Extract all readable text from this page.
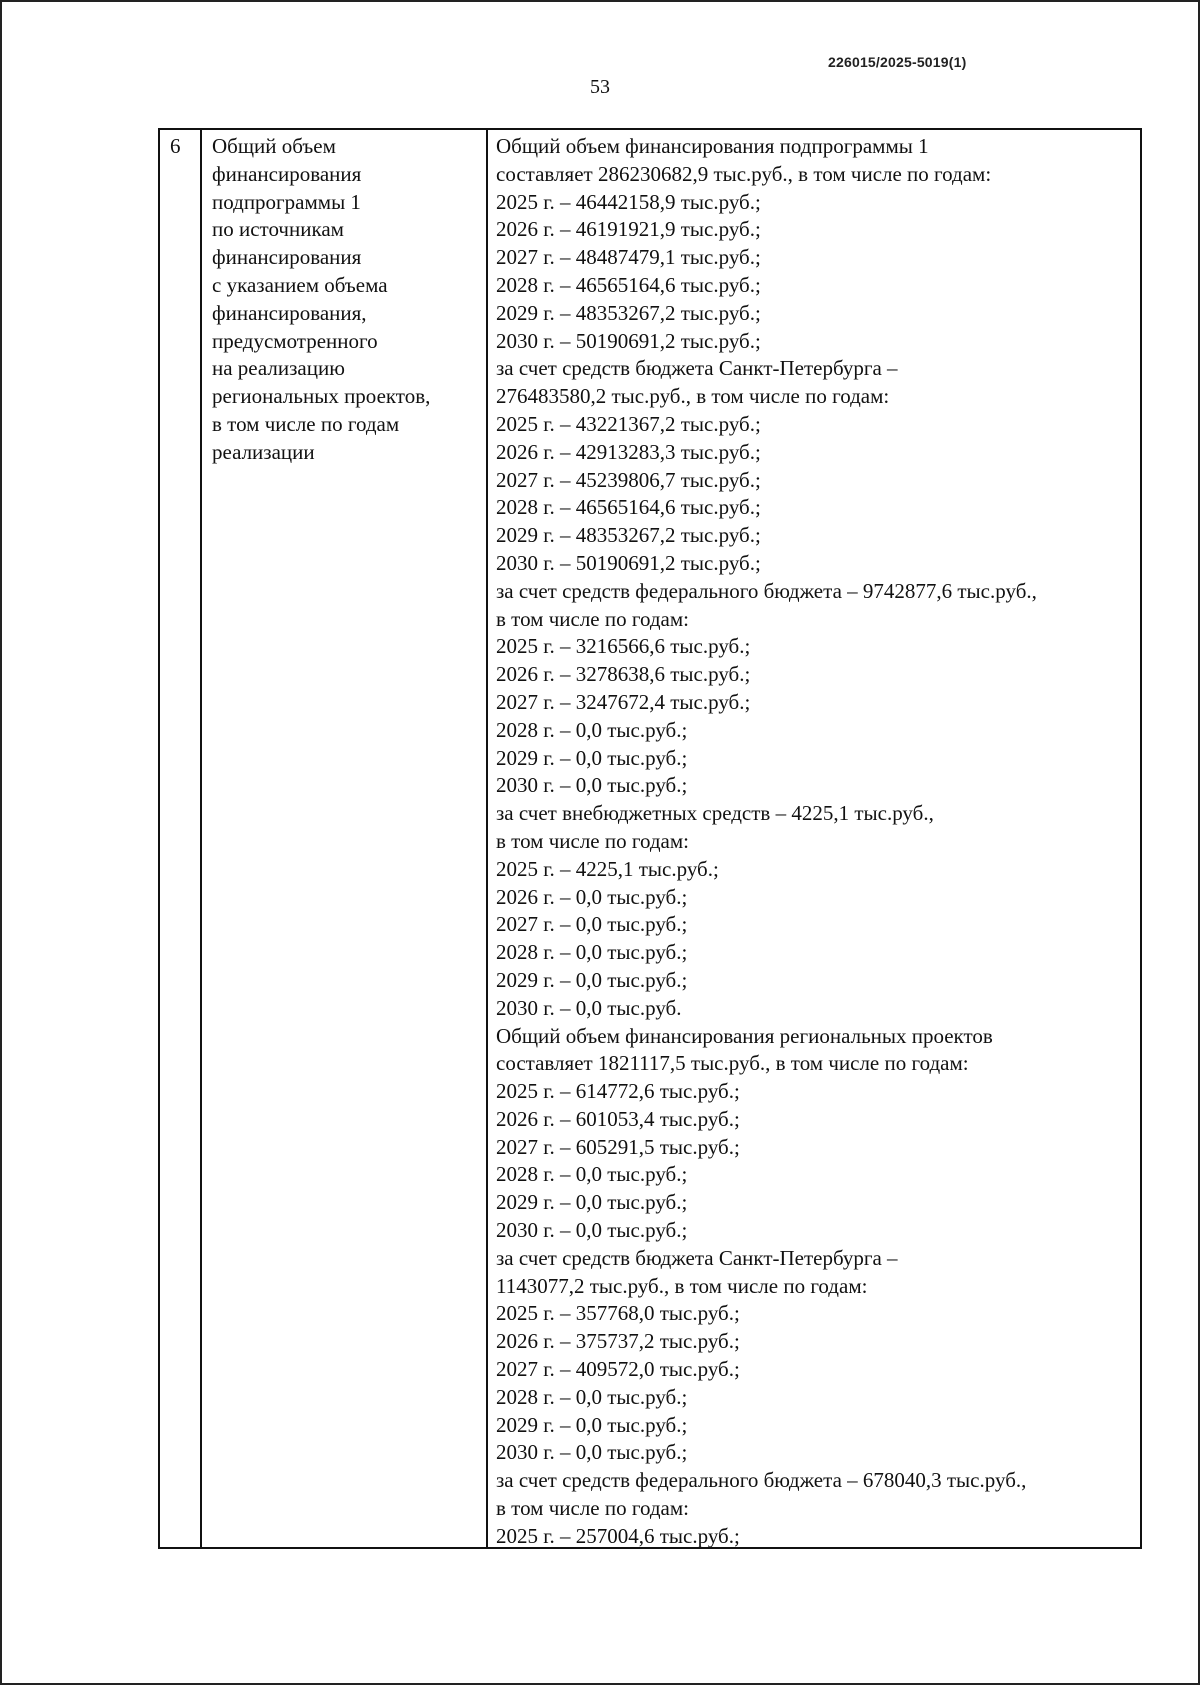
226015/2025-5019(1)
53
6	Общий объем
финансирования
подпрограммы 1
по источникам
финансирования
с указанием объема
финансирования,
предусмотренного
на реализацию
региональных проектов,
в том числе по годам
реализации
Общий объем финансирования подпрограммы 1
составляет 286230682,9 тыс.руб., в том числе по годам:
2025 г. – 46442158,9 тыс.руб.;
2026 г. – 46191921,9 тыс.руб.;
2027 г. – 48487479,1 тыс.руб.;
2028 г. – 46565164,6 тыс.руб.;
2029 г. – 48353267,2 тыс.руб.;
2030 г. – 50190691,2 тыс.руб.;
за счет средств бюджета Санкт-Петербурга –
276483580,2 тыс.руб., в том числе по годам:
2025 г. – 43221367,2 тыс.руб.;
2026 г. – 42913283,3 тыс.руб.;
2027 г. – 45239806,7 тыс.руб.;
2028 г. – 46565164,6 тыс.руб.;
2029 г. – 48353267,2 тыс.руб.;
2030 г. – 50190691,2 тыс.руб.;
за счет средств федерального бюджета – 9742877,6 тыс.руб.,
в том числе по годам:
2025 г. – 3216566,6 тыс.руб.;
2026 г. – 3278638,6 тыс.руб.;
2027 г. – 3247672,4 тыс.руб.;
2028 г. – 0,0 тыс.руб.;
2029 г. – 0,0 тыс.руб.;
2030 г. – 0,0 тыс.руб.;
за счет внебюджетных средств – 4225,1 тыс.руб.,
в том числе по годам:
2025 г. – 4225,1 тыс.руб.;
2026 г. – 0,0 тыс.руб.;
2027 г. – 0,0 тыс.руб.;
2028 г. – 0,0 тыс.руб.;
2029 г. – 0,0 тыс.руб.;
2030 г. – 0,0 тыс.руб.
Общий объем финансирования региональных проектов
составляет 1821117,5 тыс.руб., в том числе по годам:
2025 г. – 614772,6 тыс.руб.;
2026 г. – 601053,4 тыс.руб.;
2027 г. – 605291,5 тыс.руб.;
2028 г. – 0,0 тыс.руб.;
2029 г. – 0,0 тыс.руб.;
2030 г. – 0,0 тыс.руб.;
за счет средств бюджета Санкт-Петербурга –
1143077,2 тыс.руб., в том числе по годам:
2025 г. – 357768,0 тыс.руб.;
2026 г. – 375737,2 тыс.руб.;
2027 г. – 409572,0 тыс.руб.;
2028 г. – 0,0 тыс.руб.;
2029 г. – 0,0 тыс.руб.;
2030 г. – 0,0 тыс.руб.;
за счет средств федерального бюджета – 678040,3 тыс.руб.,
в том числе по годам:
2025 г. – 257004,6 тыс.руб.;
